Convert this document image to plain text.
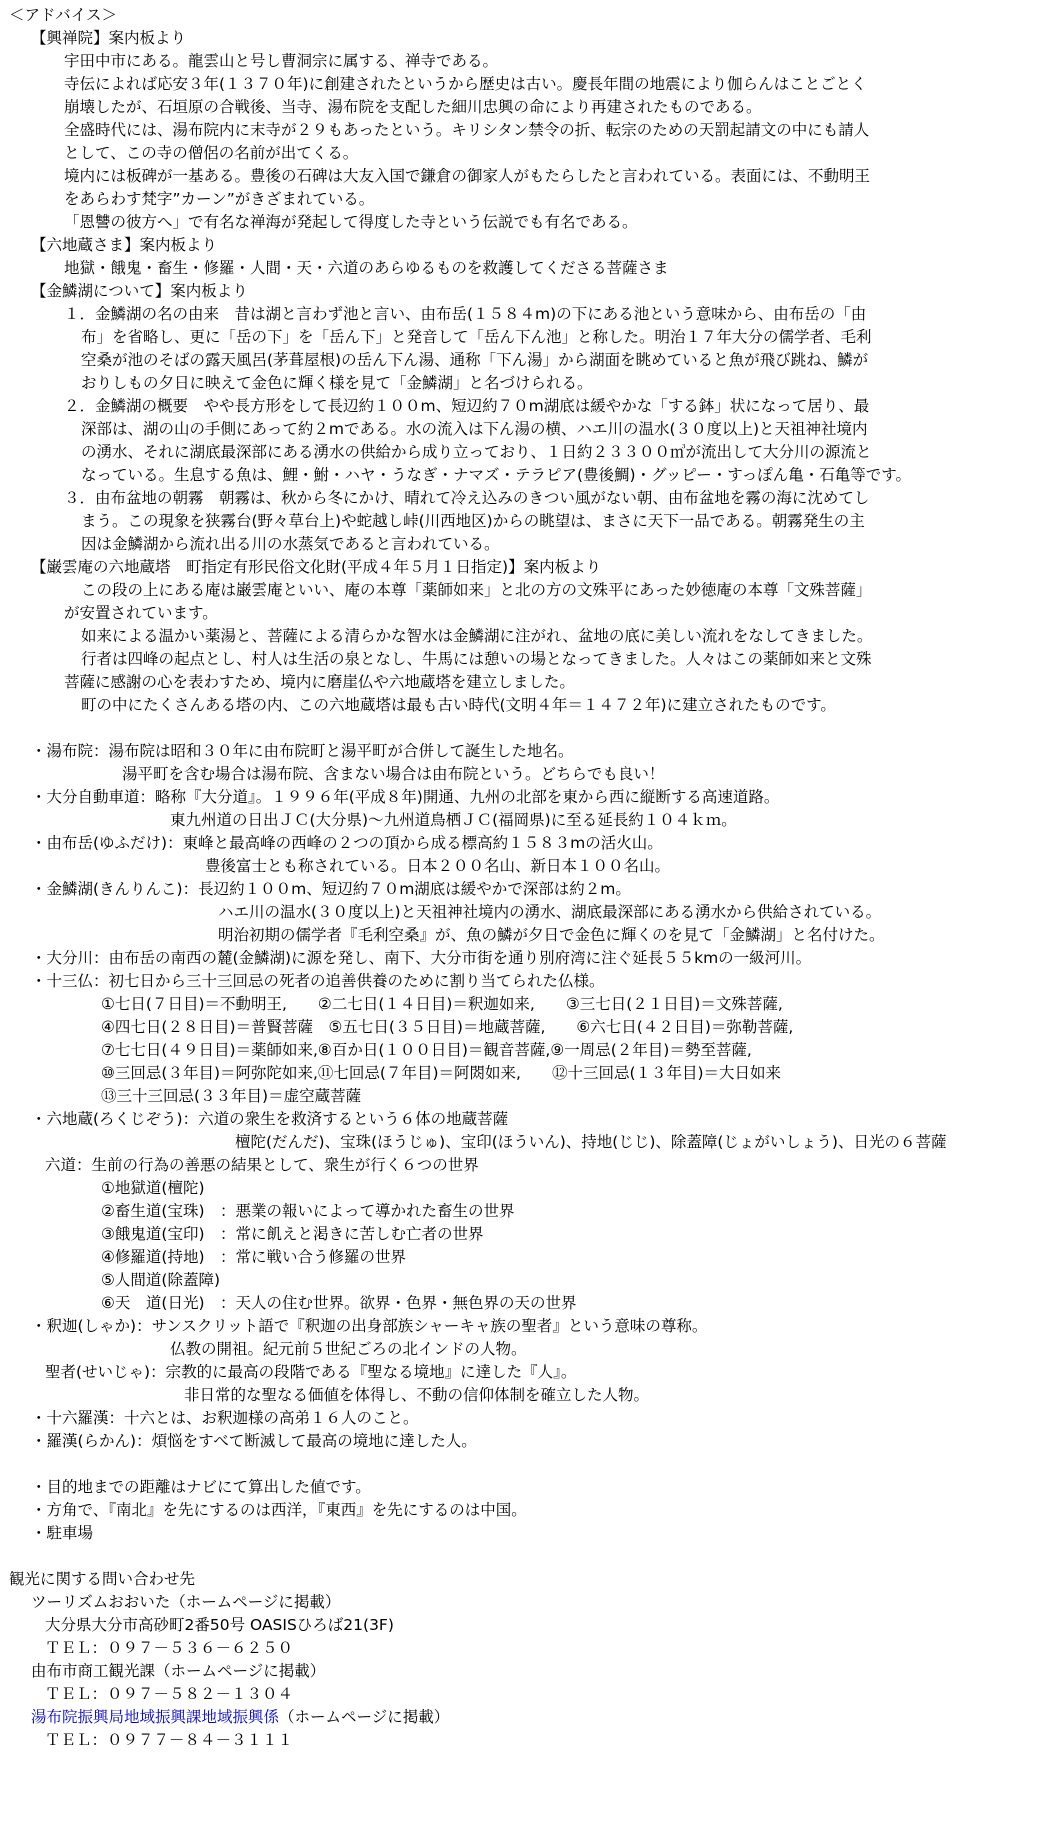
＜アドバイス＞
【興禅院】案内板より
宇田中市にある。龍雲山と号し曹洞宗に属する、禅寺である。
寺伝によれば応安３年(１３７０年)に創建されたというから歴史は古い。慶長年間の地震により伽らんはことごとく
崩壊したが、石垣原の合戦後、当寺、湯布院を支配した細川忠興の命により再建されたものである。
全盛時代には、湯布院内に末寺が２９もあったという。キリシタン禁令の折、転宗のための天罰起請文の中にも請人
として、この寺の僧侶の名前が出てくる。
境内には板碑が一基ある。豊後の石碑は大友入国で鎌倉の御家人がもたらしたと言われている。表面には、不動明王
をあらわす梵字”カーン”がきざまれている。
「恩讐の彼方へ」で有名な禅海が発起して得度した寺という伝説でも有名である。
【六地蔵さま】案内板より
地獄・餓鬼・畜生・修羅・人間・天・六道のあらゆるものを救護してくださる菩薩さま
【金鱗湖について】案内板より
１．金鱗湖の名の由来　昔は湖と言わず池と言い、由布岳(１５８４m)の下にある池という意味から、由布岳の「由
布」を省略し、更に「岳の下」を「岳ん下」と発音して「岳ん下ん池」と称した。明治１７年大分の儒学者、毛利
空桑が池のそばの露天風呂(茅葺屋根)の岳ん下ん湯、通称「下ん湯」から湖面を眺めていると魚が飛び跳ね、鱗が
おりしもの夕日に映えて金色に輝く様を見て「金鱗湖」と名づけられる。
２．金鱗湖の概要　やや長方形をして長辺約１００m、短辺約７０m湖底は緩やかな「する鉢」状になって居り、最
深部は、湖の山の手側にあって約２mである。水の流入は下ん湯の横、ハエ川の温水(３０度以上)と天祖神社境内
の湧水、それに湖底最深部にある湧水の供給から成り立っており、１日約２３３００㎥が流出して大分川の源流と
なっている。生息する魚は、鯉・鮒・ハヤ・うなぎ・ナマズ・テラピア(豊後鯛)・グッピー・すっぽん亀・石亀等です。
３．由布盆地の朝霧　朝霧は、秋から冬にかけ、晴れて冷え込みのきつい風がない朝、由布盆地を霧の海に沈めてし
まう。この現象を狭霧台(野々草台上)や蛇越し峠(川西地区)からの眺望は、まさに天下一品である。朝霧発生の主
因は金鱗湖から流れ出る川の水蒸気であると言われている。
【巌雲庵の六地蔵塔　町指定有形民俗文化財(平成４年５月１日指定)】案内板より
この段の上にある庵は巌雲庵といい、庵の本尊「薬師如来」と北の方の文殊平にあった妙徳庵の本尊「文殊菩薩」
が安置されています。
如来による温かい薬湯と、菩薩による清らかな智水は金鱗湖に注がれ、盆地の底に美しい流れをなしてきました。
行者は四峰の起点とし、村人は生活の泉となし、牛馬には憩いの場となってきました。人々はこの薬師如来と文殊
菩薩に感謝の心を表わすため、境内に磨崖仏や六地蔵塔を建立しました。
町の中にたくさんある塔の内、この六地蔵塔は最も古い時代(文明４年＝１４７２年)に建立されたものです。
・湯布院：湯布院は昭和３０年に由布院町と湯平町が合併して誕生した地名。
湯平町を含む場合は湯布院、含まない場合は由布院という。どちらでも良い！
・大分自動車道：略称『大分道』。１９９６年(平成８年)開通、九州の北部を東から西に縦断する高速道路。
東九州道の日出ＪＣ(大分県)～九州道鳥栖ＪＣ(福岡県)に至る延長約１０４ｋｍ。
・由布岳(ゆふだけ)：東峰と最高峰の西峰の２つの頂から成る標高約１５８３mの活火山。
豊後富士とも称されている。日本２００名山、新日本１００名山。
・金鱗湖(きんりんこ)：長辺約１００m、短辺約７０m湖底は緩やかで深部は約２m。
ハエ川の温水(３０度以上)と天祖神社境内の湧水、湖底最深部にある湧水から供給されている。
明治初期の儒学者『毛利空桑』が、魚の鱗が夕日で金色に輝くのを見て「金鱗湖」と名付けた。
・大分川：由布岳の南西の麓(金鱗湖)に源を発し、南下、大分市街を通り別府湾に注ぐ延長５５kmの一級河川。
・十三仏：初七日から三十三回忌の死者の追善供養のために割り当てられた仏様。
①七日(７日目)＝不動明王,　　②二七日(１４日目)＝釈迦如来,　　③三七日(２１日目)＝文殊菩薩,
④四七日(２８日目)＝普賢菩薩　⑤五七日(３５日目)＝地蔵菩薩,　　⑥六七日(４２日目)＝弥勒菩薩,
⑦七七日(４９日目)＝薬師如来,⑧百か日(１００日目)＝観音菩薩,⑨一周忌(２年目)＝勢至菩薩,
⑩三回忌(３年目)＝阿弥陀如来,⑪七回忌(７年目)＝阿閦如来,　　⑫十三回忌(１３年目)＝大日如来
⑬三十三回忌(３３年目)＝虚空蔵菩薩
・六地蔵(ろくじぞう)：六道の衆生を救済するという６体の地蔵菩薩
檀陀(だんだ)、宝珠(ほうじゅ)、宝印(ほういん)、持地(じじ)、除蓋障(じょがいしょう)、日光の６菩薩
六道：生前の行為の善悪の結果として、衆生が行く６つの世界
①地獄道(檀陀)
②畜生道(宝珠)　：悪業の報いによって導かれた畜生の世界
③餓鬼道(宝印)　：常に飢えと渇きに苦しむ亡者の世界
④修羅道(持地)　：常に戦い合う修羅の世界
⑤人間道(除蓋障)
⑥天　道(日光)　：天人の住む世界。欲界・色界・無色界の天の世界
・釈迦(しゃか)：サンスクリット語で『釈迦の出身部族シャーキャ族の聖者』という意味の尊称。
仏教の開祖。紀元前５世紀ごろの北インドの人物。
聖者(せいじゃ)：宗教的に最高の段階である『聖なる境地』に達した『人』。
非日常的な聖なる価値を体得し、不動の信仰体制を確立した人物。
・十六羅漢：十六とは、お釈迦様の高弟１６人のこと。
・羅漢(らかん)：煩悩をすべて断滅して最高の境地に達した人。
・目的地までの距離はナビにて算出した値です。
・方角で、『南北』を先にするのは西洋，『東西』を先にするのは中国。
・駐車場
観光に関する問い合わせ先
ツーリズムおおいた（ホームページに掲載）
大分県大分市高砂町2番50号 OASISひろば21(3F)
ＴＥＬ：０９７－５３６－６２５０
由布市商工観光課（ホームページに掲載）
ＴＥＬ：０９７－５８２－１３０４
湯布院振興局地域振興課地域振興係（ホームページに掲載）
ＴＥＬ：０９７７－８４－３１１１
